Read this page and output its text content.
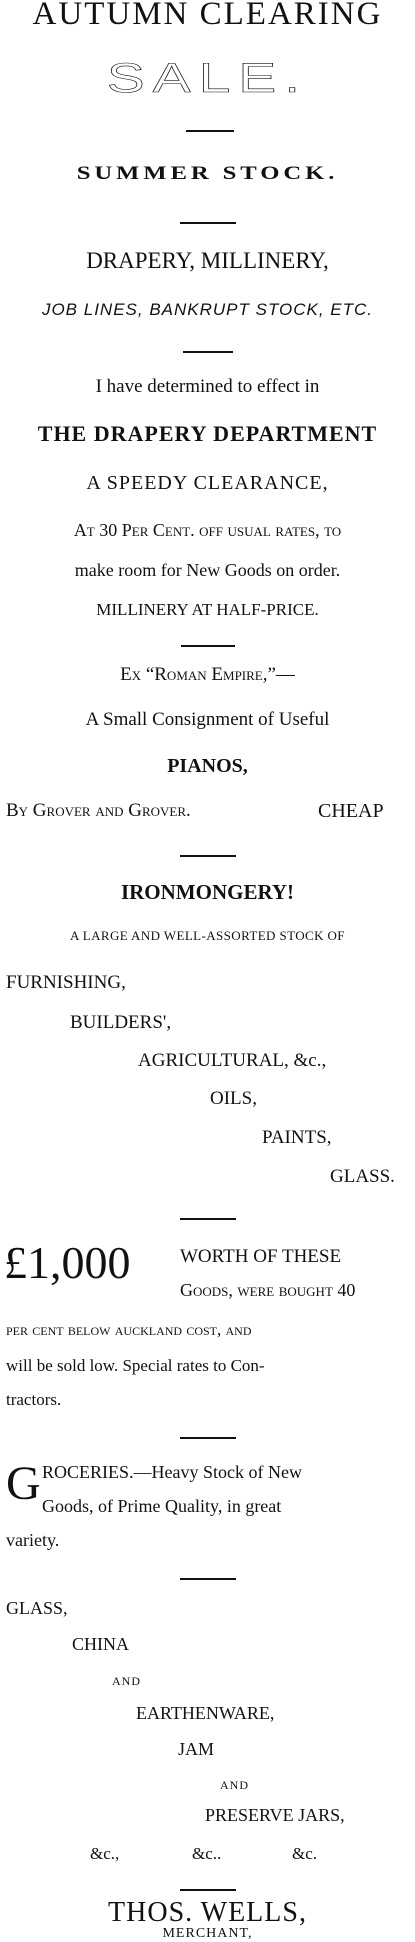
AUTUMN CLEARING
SALE.
SUMMER STOCK.
DRAPERY, MILLINERY,
JOB LINES, BANKRUPT STOCK, ETC.
I have determined to effect in
THE DRAPERY DEPARTMENT
A SPEEDY CLEARANCE,
At 30 Per Cent. off usual rates, to
make room for New Goods on order.
MILLINERY AT HALF-PRICE.
Ex “Roman Empire,”—
A Small Consignment of Useful
PIANOS,
By Grover and Grover.	CHEAP
IRONMONGERY!
A LARGE AND WELL-ASSORTED STOCK OF
FURNISHING,
BUILDERS',
AGRICULTURAL, &c.,
OILS,
PAINTS,
GLASS.
£1,000	WORTH OF THESE
Goods, were bought 40
per cent below auckland cost, and
will be sold low. Special rates to Con-
tractors.
G ROCERIES.—Heavy Stock of New
Goods, of Prime Quality, in great
variety.
GLASS,
CHINA
AND
EARTHENWARE,
JAM
AND
PRESERVE JARS,
&c.,	&c..	&c.
THOS. WELLS,
MERCHANT,
